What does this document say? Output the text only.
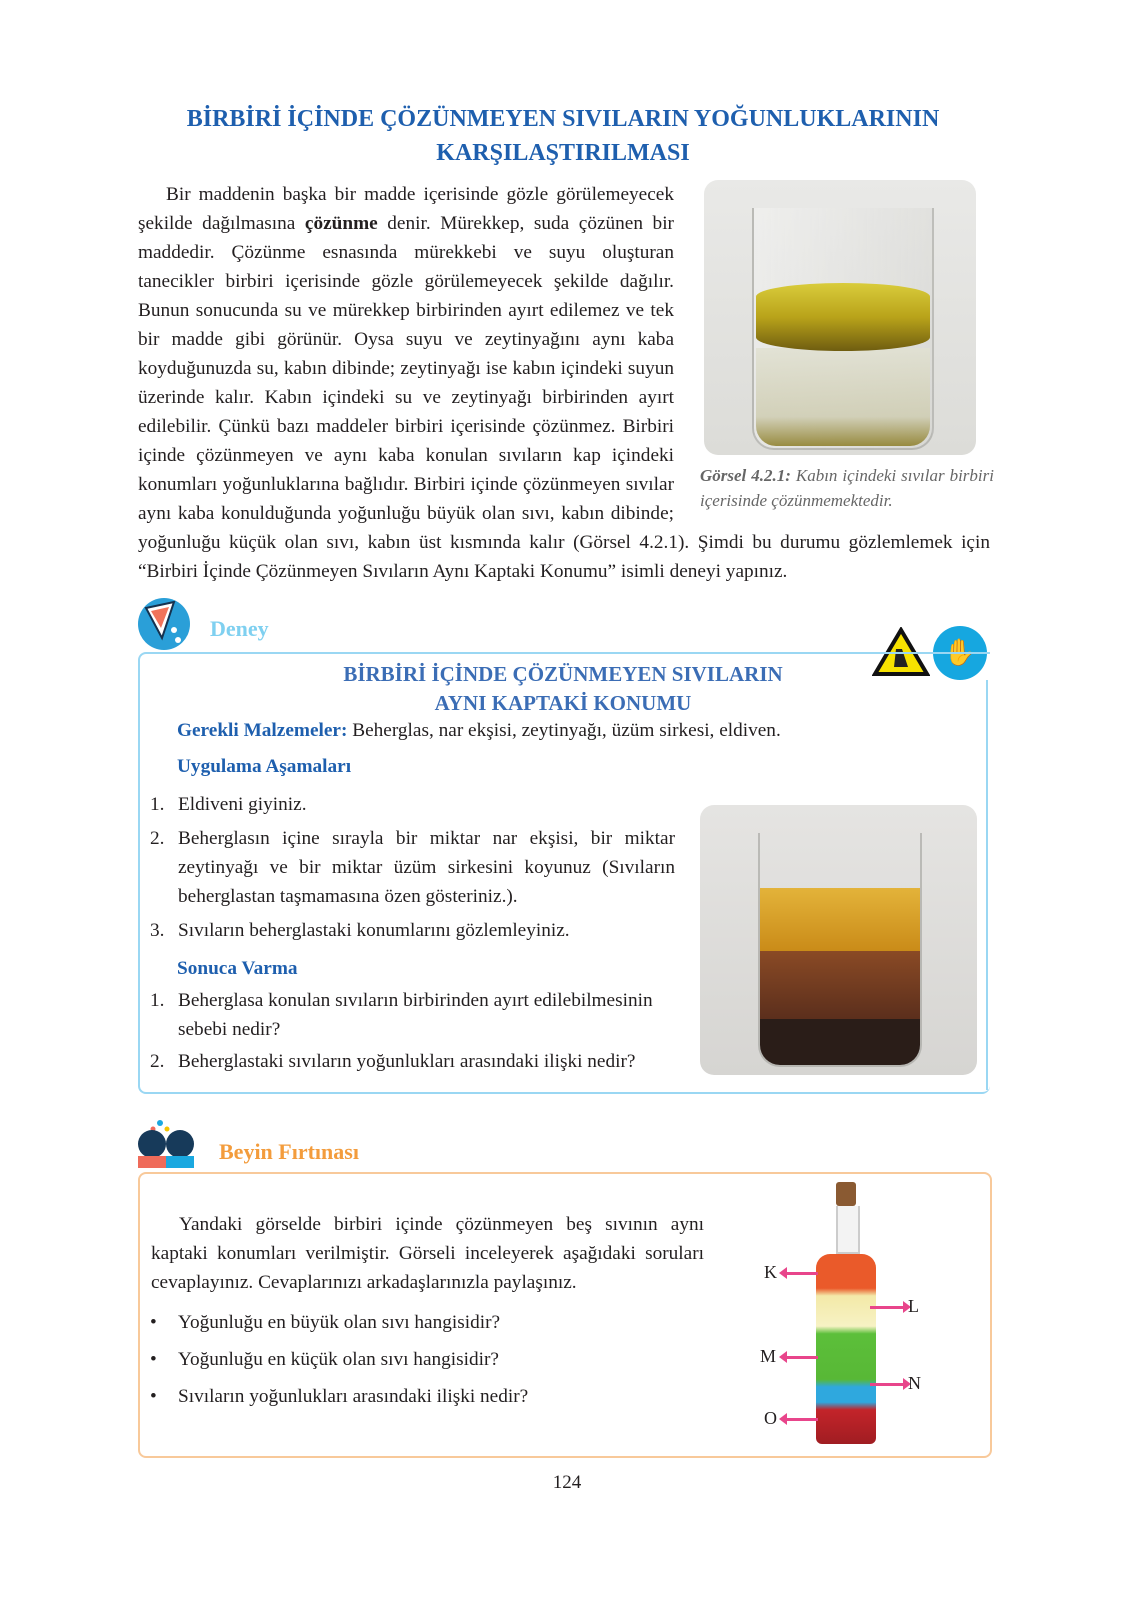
BİRBİRİ İÇİNDE ÇÖZÜNMEYEN SIVILARIN YOĞUNLUKLARININ
KARŞILAŞTIRILMASI
Görsel 4.2.1: Kabın içindeki sıvılar birbiri içerisinde çözünmemektedir.

Bir maddenin başka bir madde içerisinde gözle görülemeyecek şekilde dağılmasına çözünme denir. Mürekkep, suda çözünen bir maddedir. Çözünme esnasında mürekkebi ve suyu oluşturan tanecikler birbiri içerisinde gözle görülemeyecek şekilde dağılır. Bunun sonucunda su ve mürekkep birbirinden ayırt edilemez ve tek bir madde gibi görünür. Oysa suyu ve zeytinyağını aynı kaba koyduğunuzda su, kabın dibinde; zeytinyağı ise kabın içindeki suyun üzerinde kalır. Kabın içindeki su ve zeytinyağı birbirinden ayırt edilebilir. Çünkü bazı maddeler birbiri içerisinde çözünmez. Birbiri içinde çözünmeyen ve aynı kaba konulan sıvıların kap içindeki konumları yoğunluklarına bağlıdır. Birbiri içinde çözünmeyen sıvılar aynı kaba konulduğunda yoğunluğu büyük olan sıvı, kabın dibinde; yoğunluğu küçük olan sıvı, kabın üst kısmında kalır (Görsel 4.2.1). Şimdi bu durumu gözlemlemek için “Birbiri İçinde Çözünmeyen Sıvıların Aynı Kaptaki Konumu” isimli deneyi yapınız.

Deney
✋
BİRBİRİ İÇİNDE ÇÖZÜNMEYEN SIVILARIN
AYNI KAPTAKİ KONUMU
Gerekli Malzemeler: Beherglas, nar ekşisi, zeytinyağı, üzüm sirkesi, eldiven.
Uygulama Aşamaları
1. Eldiveni giyiniz.
2. Beherglasın içine sırayla bir miktar nar ekşisi, bir miktar zeytinyağı ve bir miktar üzüm sirkesini koyunuz (Sıvıların beherglastan taşmamasına özen gösteriniz.).
3. Sıvıların beherglastaki konumlarını gözlemleyiniz.
Sonuca Varma
1. Beherglasa konulan sıvıların birbirinden ayırt edilebilmesinin sebebi nedir?
2. Beherglastaki sıvıların yoğunlukları arasındaki ilişki nedir?
Beyin Fırtınası
Yandaki görselde birbiri içinde çözünmeyen beş sıvının aynı kaptaki konumları verilmiştir. Görseli inceleyerek aşağıdaki soruları cevaplayınız. Cevaplarınızı arkadaşlarınızla paylaşınız.
• Yoğunluğu en büyük olan sıvı hangisidir?
• Yoğunluğu en küçük olan sıvı hangisidir?
• Sıvıların yoğunlukları arasındaki ilişki nedir?
K
L
M
N
O
124
